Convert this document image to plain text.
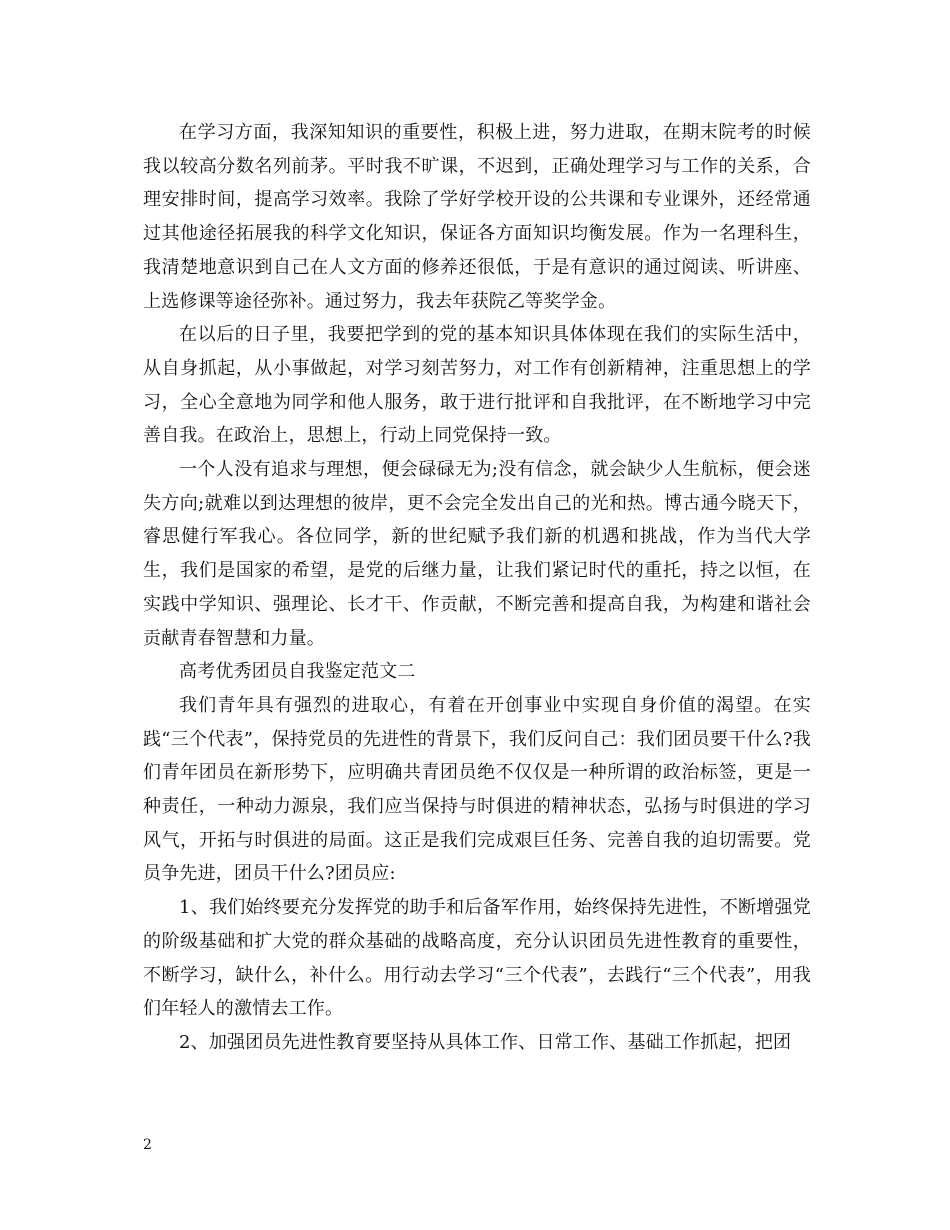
在学习方面，我深知知识的重要性，积极上进，努力进取，在期末院考的时候我以较高分数名列前茅。平时我不旷课，不迟到，正确处理学习与工作的关系，合理安排时间，提高学习效率。我除了学好学校开设的公共课和专业课外，还经常通过其他途径拓展我的科学文化知识，保证各方面知识均衡发展。作为一名理科生，我清楚地意识到自己在人文方面的修养还很低，于是有意识的通过阅读、听讲座、上选修课等途径弥补。通过努力，我去年获院乙等奖学金。

在以后的日子里，我要把学到的党的基本知识具体体现在我们的实际生活中，从自身抓起，从小事做起，对学习刻苦努力，对工作有创新精神，注重思想上的学习，全心全意地为同学和他人服务，敢于进行批评和自我批评，在不断地学习中完善自我。在政治上，思想上，行动上同党保持一致。

一个人没有追求与理想，便会碌碌无为;没有信念，就会缺少人生航标，便会迷失方向;就难以到达理想的彼岸，更不会完全发出自己的光和热。博古通今晓天下，睿思健行军我心。各位同学，新的世纪赋予我们新的机遇和挑战，作为当代大学生，我们是国家的希望，是党的后继力量，让我们紧记时代的重托，持之以恒，在实践中学知识、强理论、长才干、作贡献，不断完善和提高自我，为构建和谐社会贡献青春智慧和力量。

高考优秀团员自我鉴定范文二

我们青年具有强烈的进取心，有着在开创事业中实现自身价值的渴望。在实践“三个代表”，保持党员的先进性的背景下，我们反问自己：我们团员要干什么?我们青年团员在新形势下，应明确共青团员绝不仅仅是一种所谓的政治标签，更是一种责任，一种动力源泉，我们应当保持与时俱进的精神状态，弘扬与时俱进的学习风气，开拓与时俱进的局面。这正是我们完成艰巨任务、完善自我的迫切需要。党员争先进，团员干什么?团员应:

1、我们始终要充分发挥党的助手和后备军作用，始终保持先进性，不断增强党的阶级基础和扩大党的群众基础的战略高度，充分认识团员先进性教育的重要性，不断学习，缺什么，补什么。用行动去学习“三个代表”，去践行“三个代表”，用我们年轻人的激情去工作。

2、加强团员先进性教育要坚持从具体工作、日常工作、基础工作抓起，把团

2
